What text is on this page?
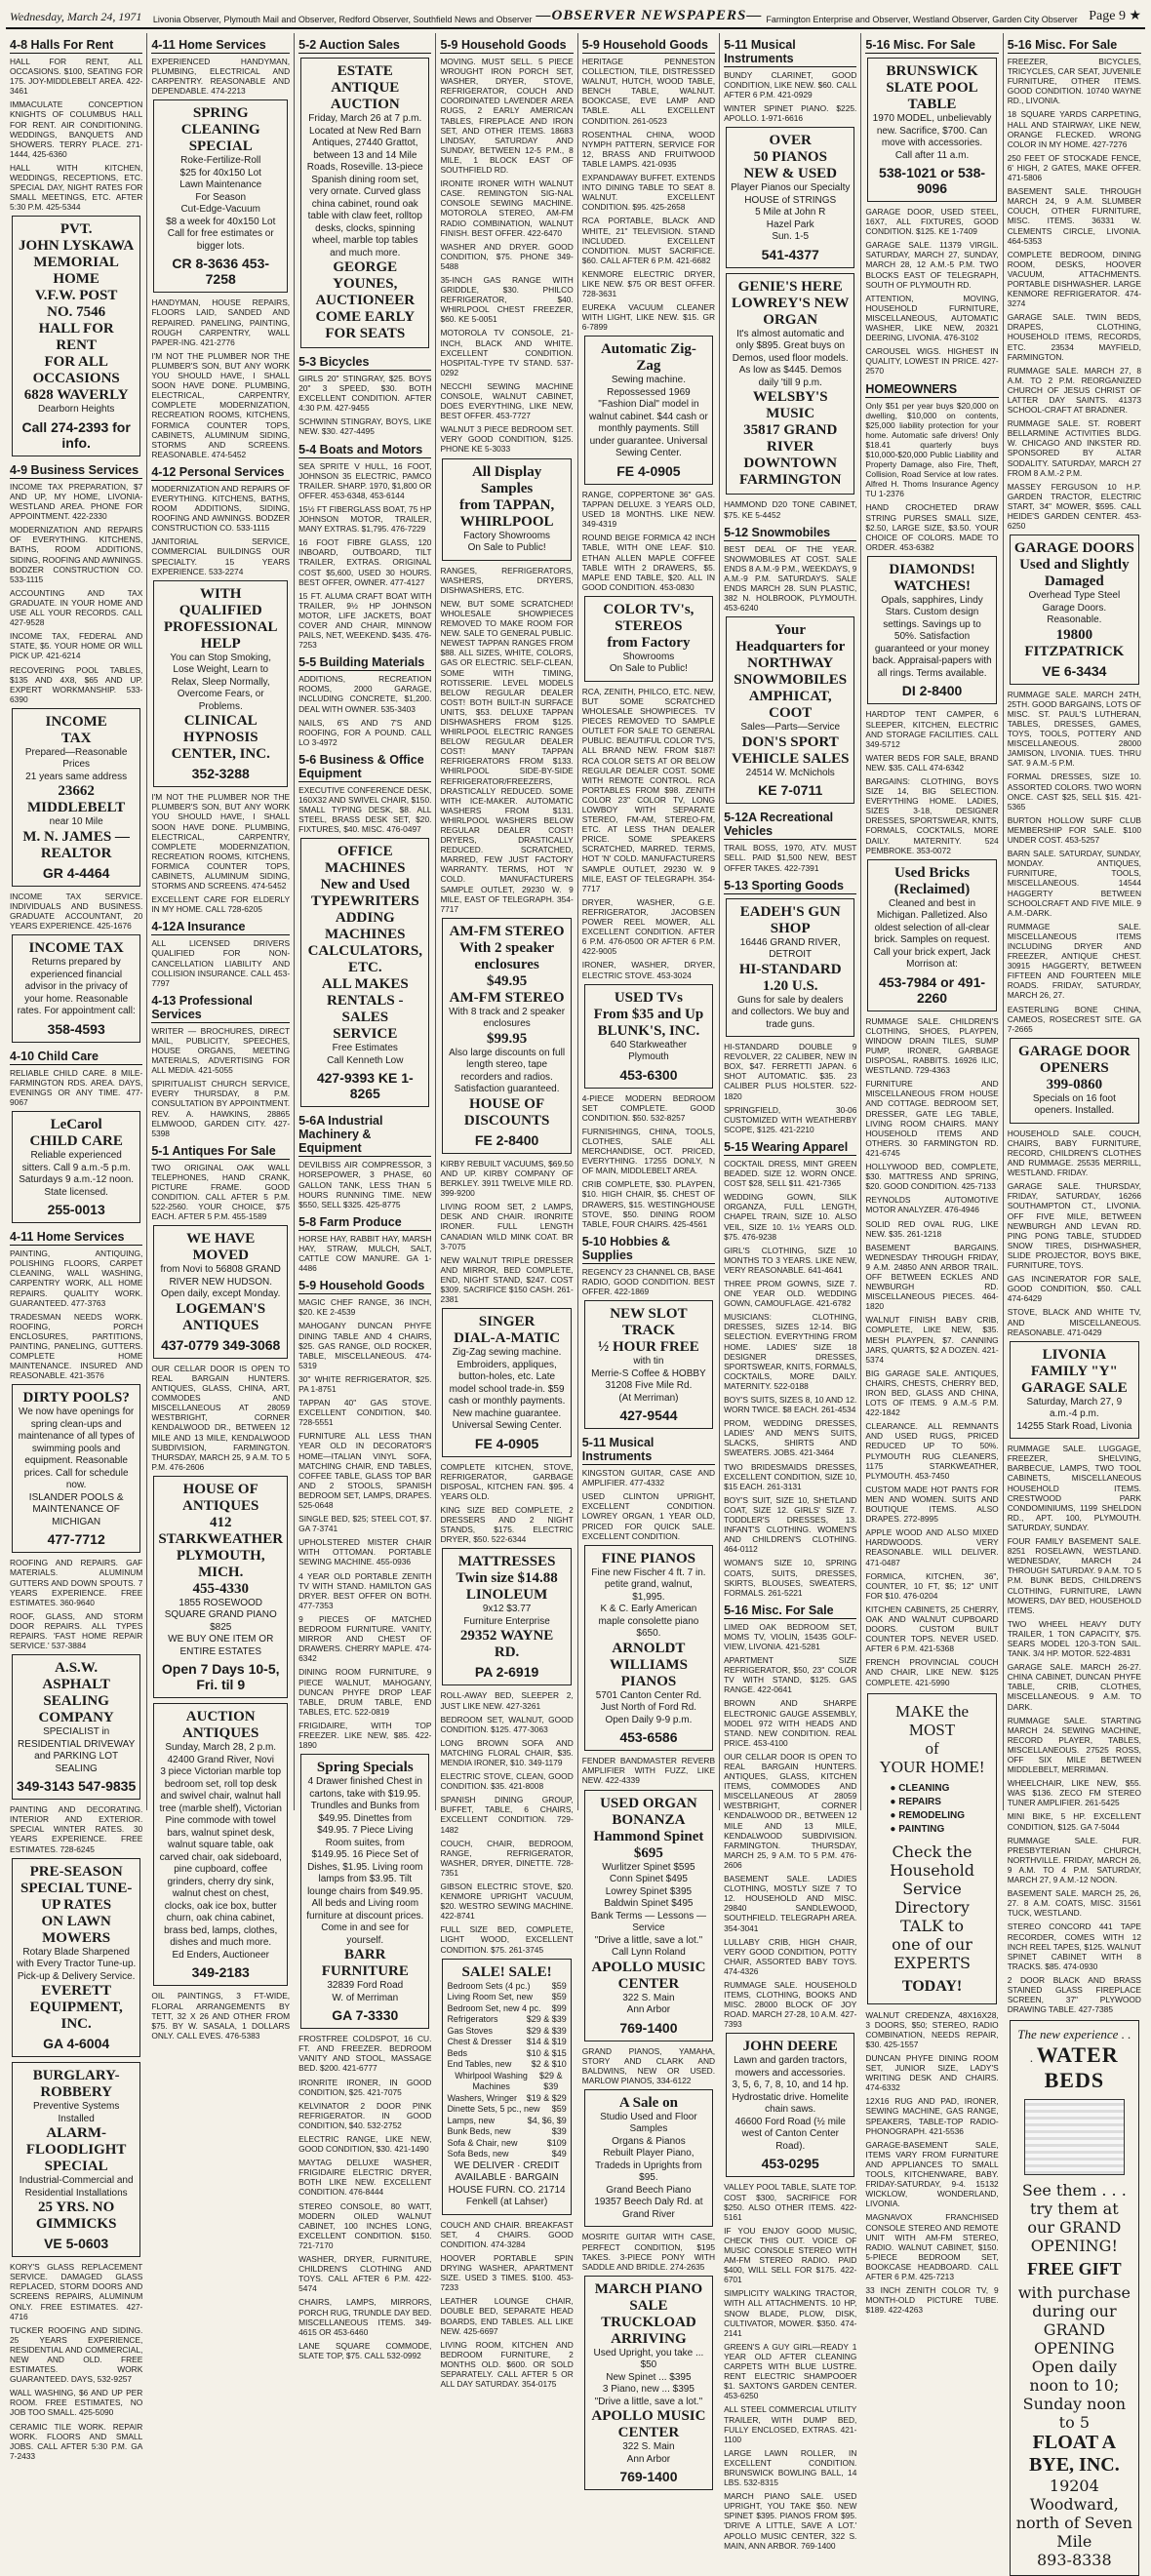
Wednesday, March 24, 1971 Livonia Observer, Plymouth Mail and Observer, Redford Observer, Southfield News and Observer —OBSERVER NEWSPAPERS— Farmington Enterprise and Observer, Westland Observer, Garden City Observer Page 9 ★
4-8 Halls For Rent
HALL FOR RENT, ALL OCCASIONS. $100, SEATING FOR 175. JOY-MIDDLEBELT AREA. 422-3461
IMMACULATE CONCEPTION KNIGHTS OF COLUMBUS HALL FOR RENT. AIR CONDITIONING. WEDDINGS, BANQUETS AND SHOWERS. TERRY PLACE. 271-1444, 425-6360
HALL WITH KITCHEN, WEDDINGS, RECEPTIONS, ETC. SPECIAL DAY, NIGHT RATES FOR SMALL MEETINGS, ETC. AFTER 5:30 P.M. 425-5344
PVT.
JOHN LYSKAWA
MEMORIAL HOME
V.F.W. POST
NO. 7546
HALL FOR RENT
FOR ALL
OCCASIONS
6828 WAVERLY
Dearborn Heights
Call 274-2393 for info.
4-9 Business Services
INCOME TAX PREPARATION, $7 AND UP, MY HOME, LIVONIA-WESTLAND AREA. PHONE FOR APPOINTMENT. 422-2330
MODERNIZATION AND REPAIRS OF EVERYTHING. KITCHENS, BATHS, ROOM ADDITIONS, SIDING, ROOFING AND AWNINGS. BODZER CONSTRUCTION CO. 533-1115
ACCOUNTING AND TAX GRADUATE. IN YOUR HOME AND USE ALL YOUR RECORDS. CALL 427-9528
INCOME TAX, FEDERAL AND STATE, $5. YOUR HOME OR WILL PICK UP. 421-6214
RECOVERING POOL TABLES, $135 AND 4X8, $65 AND UP. EXPERT WORKMANSHIP. 533-6390
INCOME
TAX
Prepared—Reasonable Prices
21 years same address
23662 MIDDLEBELT
near 10 Mile
M. N. JAMES — REALTOR
GR 4-4464
INCOME TAX SERVICE. INDIVIDUALS AND BUSINESS. GRADUATE ACCOUNTANT, 20 YEARS EXPERIENCE. 425-1676
INCOME TAX
Returns prepared by experienced financial advisor in the privacy of your home. Reasonable rates. For appointment call:
358-4593
4-10 Child Care
RELIABLE CHILD CARE. 8 MILE-FARMINGTON RDS. AREA. DAYS, EVENINGS OR ANY TIME. 477-9067
LeCarol
CHILD CARE
Reliable experienced sitters. Call 9 a.m.-5 p.m. Saturdays 9 a.m.-12 noon. State licensed.
255-0013
4-11 Home Services
PAINTING, ANTIQUING, POLISHING FLOORS, CARPET CLEANING, WALL WASHING, CARPENTRY WORK, ALL HOME REPAIRS. QUALITY WORK. GUARANTEED. 477-3763
TRADESMAN NEEDS WORK. ROOFING, PORCH ENCLOSURES, PARTITIONS, PAINTING, PANELING, GUTTERS. COMPLETE HOME MAINTENANCE. INSURED AND REASONABLE. 421-3576
DIRTY POOLS?
We now have openings for spring clean-ups and maintenance of all types of swimming pools and equipment. Reasonable prices. Call for schedule now.
ISLANDER POOLS & MAINTENANCE OF MICHIGAN
477-7712
ROOFING AND REPAIRS. GAF MATERIALS. ALUMINUM GUTTERS AND DOWN SPOUTS. 7 YEARS EXPERIENCE. FREE ESTIMATES. 360-9640
ROOF, GLASS, AND STORM DOOR REPAIRS. ALL TYPES REPAIRS. 'FAST HOME REPAIR SERVICE.' 537-3884
A.S.W.
ASPHALT
SEALING
COMPANY
SPECIALIST in RESIDENTIAL DRIVEWAY and PARKING LOT SEALING
349-3143 547-9835
PAINTING AND DECORATING. INTERIOR AND EXTERIOR. SPECIAL WINTER RATES. 30 YEARS EXPERIENCE. FREE ESTIMATES. 728-6245
PRE-SEASON
SPECIAL TUNE-UP RATES
ON LAWN MOWERS
Rotary Blade Sharpened with Every Tractor Tune-up. Pick-up & Delivery Service.
EVERETT EQUIPMENT, INC.
GA 4-6004
BURGLARY-
ROBBERY
Preventive Systems Installed
ALARM-FLOODLIGHT
SPECIAL
Industrial-Commercial and Residential Installations
25 YRS. NO GIMMICKS
VE 5-0603
KORY'S GLASS REPLACEMENT SERVICE. DAMAGED GLASS REPLACED, STORM DOORS AND SCREENS REPAIRS, ALUMINUM ONLY. FREE ESTIMATES. 427-4716
TUCKER ROOFING AND SIDING. 25 YEARS EXPERIENCE, RESIDENTIAL AND COMMERCIAL, NEW AND OLD. FREE ESTIMATES. WORK GUARANTEED. DAYS, 532-9257
WALL WASHING, $6 AND UP PER ROOM. FREE ESTIMATES, NO JOB TOO SMALL. 425-5090
CERAMIC TILE WORK. REPAIR WORK. FLOORS AND SMALL JOBS. CALL AFTER 5:30 P.M. GA 7-2433
4-11 Home Services
EXPERIENCED HANDYMAN, PLUMBING, ELECTRICAL AND CARPENTRY. REASONABLE AND DEPENDABLE. 474-2213
SPRING CLEANING
SPECIAL
Roke-Fertilize-Roll
$25 for 40x150 Lot
Lawn Maintenance
For Season
Cut-Edge-Vacuum
$8 a week for 40x150 Lot
Call for free estimates or bigger lots.
CR 8-3636 453-7258
HANDYMAN, HOUSE REPAIRS, FLOORS LAID, SANDED AND REPAIRED. PANELING, PAINTING, ROUGH CARPENTRY, WALL PAPER-ING. 421-2776
I'M NOT THE PLUMBER NOR THE PLUMBER'S SON, BUT ANY WORK YOU SHOULD HAVE, I SHALL SOON HAVE DONE. PLUMBING, ELECTRICAL, CARPENTRY, COMPLETE MODERNIZATION, RECREATION ROOMS, KITCHENS, FORMICA COUNTER TOPS, CABINETS, ALUMINUM SIDING, STORMS AND SCREENS. REASONABLE. 474-5452
4-12 Personal Services
MODERNIZATION AND REPAIRS OF EVERYTHING. KITCHENS, BATHS, ROOM ADDITIONS, SIDING, ROOFING AND AWNINGS. BODZER CONSTRUCTION CO. 533-1115
JANITORIAL SERVICE, COMMERCIAL BUILDINGS OUR SPECIALTY. 15 YEARS EXPERIENCE. 533-2274
WITH QUALIFIED
PROFESSIONAL HELP
You can Stop Smoking, Lose Weight, Learn to Relax, Sleep Normally, Overcome Fears, or Problems.
CLINICAL
HYPNOSIS CENTER, INC.
352-3288
I'M NOT THE PLUMBER NOR THE PLUMBER'S SON, BUT ANY WORK YOU SHOULD HAVE, I SHALL SOON HAVE DONE. PLUMBING, ELECTRICAL, CARPENTRY, COMPLETE MODERNIZATION, RECREATION ROOMS, KITCHENS, FORMICA COUNTER TOPS, CABINETS, ALUMINUM SIDING, STORMS AND SCREENS. 474-5452
EXCELLENT CARE FOR ELDERLY IN MY HOME. CALL 728-6205
4-12A Insurance
ALL LICENSED DRIVERS QUALIFIED FOR NON-CANCELLATION LIABILITY AND COLLISION INSURANCE. CALL 453-7797
4-13 Professional Services
WRITER — BROCHURES, DIRECT MAIL, PUBLICITY, SPEECHES, HOUSE ORGANS, MEETING MATERIALS, ADVERTISING FOR ALL MEDIA. 421-5055
SPIRITUALIST CHURCH SERVICE, EVERY THURSDAY, 8 P.M. CONSULTATION BY APPOINTMENT. REV. A. HAWKINS, 28865 ELMWOOD, GARDEN CITY. 427-5398
5-1 Antiques For Sale
TWO ORIGINAL OAK WALL TELEPHONES, HAND CRANK, PICTURE FRAME. GOOD CONDITION. CALL AFTER 5 P.M. 522-2560. YOUR CHOICE, $75 EACH. AFTER 5 P.M. 455-1589
WE HAVE MOVED
from Novi to 56808 GRAND RIVER NEW HUDSON. Open daily, except Monday.
LOGEMAN'S
ANTIQUES
437-0779 349-3068
OUR CELLAR DOOR IS OPEN TO REAL BARGAIN HUNTERS. ANTIQUES, GLASS, CHINA, ART, COMMODES AND MISCELLANEOUS AT 28059 WESTBRIGHT, CORNER KENDALWOOD DR., BETWEEN 12 MILE AND 13 MILE, KENDALWOOD SUBDIVISION, FARMINGTON. THURSDAY, MARCH 25, 9 A.M. TO 5 P.M. 476-2606
HOUSE OF ANTIQUES
412 STARKWEATHER
PLYMOUTH, MICH.
455-4330
1855 ROSEWOOD SQUARE GRAND PIANO $825
WE BUY ONE ITEM OR ENTIRE ESTATES
Open 7 Days 10-5, Fri. til 9
AUCTION
ANTIQUES
Sunday, March 28, 2 p.m.
42400 Grand River, Novi
3 piece Victorian marble top bedroom set, roll top desk and swivel chair, walnut hall tree (marble shelf), Victorian Pine commode with towel bars, walnut spinet desk, walnut square table, oak carved chair, oak sideboard, pine cupboard, coffee grinders, cherry dry sink, walnut chest on chest, clocks, oak ice box, butter churn, oak china cabinet, brass bed, lamps, clothes, dishes and much more.
Ed Enders, Auctioneer
349-2183
OIL PAINTINGS, 3 FT-WIDE, FLORAL ARRANGEMENTS BY TETT, 32 X 26 AND OTHER FROM $75. BY W. SASALA, 1 DOLLARS ONLY. CALL EVES. 476-5383
5-2 Auction Sales
ESTATE
ANTIQUE
AUCTION
Friday, March 26 at 7 p.m. Located at New Red Barn Antiques, 27440 Grattot, between 13 and 14 Mile Roads, Roseville. 13-piece Spanish dining room set, very ornate. Curved glass china cabinet, round oak table with claw feet, rolltop desks, clocks, spinning wheel, marble top tables and much more.
GEORGE YOUNES, AUCTIONEER
COME EARLY FOR SEATS
5-3 Bicycles
GIRLS 20" STINGRAY, $25. BOYS 20" 3 SPEED, $30. BOTH EXCELLENT CONDITION. AFTER 4:30 P.M. 427-9455
SCHWINN STINGRAY, BOYS, LIKE NEW. $30. 427-4495
5-4 Boats and Motors
SEA SPRITE V HULL, 16 FOOT, JOHNSON 35 ELECTRIC, PAMCO TRAILER. SHARP. 1970, $1,800 OR OFFER. 453-6348, 453-6144
15½ FT FIBERGLASS BOAT, 75 HP JOHNSON MOTOR, TRAILER, MANY EXTRAS. $1,795. 476-7229
16 FOOT FIBRE GLASS, 120 INBOARD, OUTBOARD, TILT TRAILER, EXTRAS. ORIGINAL COST $5,600, USED 30 HOURS. BEST OFFER, OWNER. 477-4127
15 FT. ALUMA CRAFT BOAT WITH TRAILER, 9½ HP JOHNSON MOTOR, LIFE JACKETS, BOAT COVER AND CHAIR, MINNOW PAILS, NET, WEEKEND. $435. 476-7253
5-5 Building Materials
ADDITIONS, RECREATION ROOMS, 2000 GARAGE, INCLUDING CONCRETE, $1,200. DEAL WITH OWNER. 535-3403
NAILS, 6'S AND 7'S AND ROOFING, FOR A POUND. CALL LO 3-4972
5-6 Business & Office Equipment
EXECUTIVE CONFERENCE DESK, 160X32 AND SWIVEL CHAIR, $150. SMALL TYPING DESK, $8. ALL STEEL, BRASS DESK SET, $20. FIXTURES, $40. MISC. 476-0497
OFFICE MACHINES
New and Used
TYPEWRITERS
ADDING MACHINES
CALCULATORS, ETC.
ALL MAKES
RENTALS - SALES
SERVICE
Free Estimates
Call Kenneth Low
427-9393 KE 1-8265
5-6A Industrial Machinery & Equipment
DEVILBISS AIR COMPRESSOR, 3 HORSEPOWER, 3 PHASE, 60 GALLON TANK, LESS THAN 5 HOURS RUNNING TIME. NEW $550, SELL $325. 425-8775
5-8 Farm Produce
HORSE HAY, RABBIT HAY, MARSH HAY, STRAW, MULCH, SALT, CATTLE COW MANURE. GA 1-4486
5-9 Household Goods
MAGIC CHEF RANGE, 36 INCH, $20. KE 2-4539
MAHOGANY DUNCAN PHYFE DINING TABLE AND 4 CHAIRS, $25. GAS RANGE, OLD ROCKER, TABLE, MISCELLANEOUS. 474-5319
30" WHITE REFRIGERATOR, $25. PA 1-8751
TAPPAN 40" GAS STOVE. EXCELLENT CONDITION, $40. 728-5551
FURNITURE ALL LESS THAN YEAR OLD IN DECORATOR'S HOME—ITALIAN VINYL SOFA, MATCHING CHAIR, END TABLES, COFFEE TABLE, GLASS TOP BAR AND 2 STOOLS, SPANISH BEDROOM SET, LAMPS, DRAPES. 525-0648
SINGLE BED, $25; STEEL COT, $7. GA 7-3741
UPHOLSTERED MISTER CHAIR WITH OTTOMAN. PORTABLE SEWING MACHINE. 455-0936
4 YEAR OLD PORTABLE ZENITH TV WITH STAND. HAMILTON GAS DRYER. BEST OFFER ON BOTH. 477-7353
9 PIECES OF MATCHED BEDROOM FURNITURE. VANITY, MIRROR AND CHEST OF DRAWERS. CHERRY MAPLE. 474-6342
DINING ROOM FURNITURE, 9 PIECE WALNUT, MAHOGANY, DUNCAN PHYFE DROP LEAF TABLE, DRUM TABLE, END TABLES, ETC. 522-0819
FRIGIDAIRE, WITH TOP FREEZER. LIKE NEW, $85. 422-1890
Spring Specials
4 Drawer finished Chest in cartons, take with $19.95. Trundles and Bunks from $49.95. Dinettes from $49.95. 7 Piece Living Room suites, from $149.95. 16 Piece Set of Dishes, $1.95. Living room lamps from $3.95. Tilt lounge chairs from $49.95. All beds and Living room furniture at discount prices. Come in and see for yourself.
BARR FURNITURE
32839 Ford Road
W. of Merriman
GA 7-3330
FROSTFREE COLDSPOT, 16 CU. FT. AND FREEZER. BEDROOM VANITY AND STOOL, MASSAGE BED. $200. 421-6777
IRONRITE IRONER, IN GOOD CONDITION, $25. 421-7075
KELVINATOR 2 DOOR PINK REFRIGERATOR. IN GOOD CONDITION, $40. 532-2752
ELECTRIC RANGE, LIKE NEW, GOOD CONDITION, $30. 421-1490
MAYTAG DELUXE WASHER, FRIGIDAIRE ELECTRIC DRYER, BOTH LIKE NEW. EXCELLENT CONDITION. 476-8444
STEREO CONSOLE, 80 WATT, MODERN OILED WALNUT CABINET, 100 INCHES LONG, EXCELLENT CONDITION. $150. 721-7170
WASHER, DRYER, FURNITURE, CHILDREN'S CLOTHING AND TOYS. CALL AFTER 6 P.M. 422-5474
CHAIRS, LAMPS, MIRRORS, PORCH RUG, TRUNDLE DAY BED. MISCELLANEOUS ITEMS. 349-4615 OR 453-6460
LANE SQUARE COMMODE, SLATE TOP, $75. CALL 532-0992
5-9 Household Goods
MOVING. MUST SELL. 5 PIECE WROUGHT IRON PORCH SET, WASHER, DRYER, STOVE, REFRIGERATOR, COUCH AND COORDINATED LAVENDER AREA RUGS, 2 EARLY AMERICAN TABLES, FIREPLACE AND IRON SET, AND OTHER ITEMS. 18683 LINDSAY, SATURDAY AND SUNDAY, BETWEEN 12-5 P.M., 8 MILE, 1 BLOCK EAST OF SOUTHFIELD RD.
IRONITE IRONER WITH WALNUT CASE. REMINGTON SIG-NAL CONSOLE SEWING MACHINE. MOTOROLA STEREO, AM-FM RADIO COMBINATION, WALNUT FINISH. BEST OFFER. 422-6470
WASHER AND DRYER. GOOD CONDITION, $75. PHONE 349-5488
35-INCH GAS RANGE WITH GRIDDLE, $30. PHILCO REFRIGERATOR, $40. WHIRLPOOL CHEST FREEZER, $60. KE 5-0051
MOTOROLA TV CONSOLE, 21-INCH, BLACK AND WHITE. EXCELLENT CONDITION. HOSPITAL-TYPE TV STAND. 537-0292
NECCHI SEWING MACHINE CONSOLE, WALNUT CABINET, DOES EVERYTHING, LIKE NEW, BEST OFFER. 453-7727
WALNUT 3 PIECE BEDROOM SET. VERY GOOD CONDITION, $125. PHONE KE 5-3033
All Display Samples
from TAPPAN,
WHIRLPOOL
Factory Showrooms
On Sale to Public!
RANGES, REFRIGERATORS, WASHERS, DRYERS, DISHWASHERS, ETC.
NEW, BUT SOME SCRATCHED! WHOLESALE SHOWPIECES REMOVED TO MAKE ROOM FOR NEW. SALE TO GENERAL PUBLIC. NEWEST TAPPAN RANGES FROM $88. ALL SIZES, WHITE, COLORS, GAS OR ELECTRIC. SELF-CLEAN, SOME WITH TIMING, ROTISSERIE. LEVEL MODELS BELOW REGULAR DEALER COST! BOTH BUILT-IN SURFACE UNITS, $53. DELUXE TAPPAN DISHWASHERS FROM $125. WHIRLPOOL ELECTRIC RANGES BELOW REGULAR DEALER COST! MANY TAPPAN REFRIGERATORS FROM $133. WHIRLPOOL SIDE-BY-SIDE REFRIGERATOR/FREEZERS, DRASTICALLY REDUCED. SOME WITH ICE-MAKER. AUTOMATIC WASHERS FROM $131. WHIRLPOOL WASHERS BELOW REGULAR DEALER COST! DRYERS, DRASTICALLY REDUCED. SCRATCHED, MARRED, FEW JUST FACTORY WARRANTY. TERMS, HOT 'N' COLD. MANUFACTURERS SAMPLE OUTLET, 29230 W. 9 MILE, EAST OF TELEGRAPH. 354-7717
AM-FM STEREO
With 2 speaker enclosures
$49.95
AM-FM STEREO
With 8 track and 2 speaker enclosures
$99.95
Also large discounts on full length stereo, tape recorders and radios. Satisfaction guaranteed.
HOUSE OF
DISCOUNTS
FE 2-8400
KIRBY REBUILT VACUUMS, $69.50 AND UP. KIRBY COMPANY OF BERKLEY. 3911 TWELVE MILE RD. 399-9200
LIVING ROOM SET, 2 LAMPS, DESK AND CHAIR. IRONRITE IRONER. FULL LENGTH CANADIAN WILD MINK COAT. BR 3-7075
NEW WALNUT TRIPLE DRESSER AND MIRROR, BED COMPLETE, END, NIGHT STAND, $247. COST $309. SACRIFICE $150 CASH. 261-2381
SINGER
DIAL-A-MATIC
Zig-Zag sewing machine. Embroiders, appliques, button-holes, etc. Late model school trade-in. $59 cash or monthly payments. New machine guarantee. Universal Sewing Center.
FE 4-0905
COMPLETE KITCHEN, STOVE, REFRIGERATOR, GARBAGE DISPOSAL, KITCHEN FAN. $95. 4 YEARS OLD.
KING SIZE BED COMPLETE, 2 DRESSERS AND 2 NIGHT STANDS, $175. ELECTRIC DRYER, $50. 522-6344
MATTRESSES
Twin size $14.88
LINOLEUM
9x12 $3.77
Furniture Enterprise
29352 WAYNE RD.
PA 2-6919
ROLL-AWAY BED, SLEEPER 2, JUST LIKE NEW. 427-3261
BEDROOM SET, WALNUT, GOOD CONDITION. $125. 477-3063
LONG BROWN SOFA AND MATCHING FLORAL CHAIR, $35. MENDIA IRONER, $10. 349-1179
ELECTRIC STOVE, CLEAN, GOOD CONDITION. $35. 421-8008
SPANISH DINING GROUP, BUFFET, TABLE, 6 CHAIRS, EXCELLENT CONDITION. 729-1482
COUCH, CHAIR, BEDROOM, RANGE, REFRIGERATOR, WASHER, DRYER, DINETTE. 728-7351
GIBSON ELECTRIC STOVE, $20. KENMORE UPRIGHT VACUUM, $20. WESTRO SEWING MACHINE. 422-8741
FULL SIZE BED, COMPLETE, LIGHT WOOD, EXCELLENT CONDITION. $75. 261-3745
SALE! SALE!
Bedroom Sets (4 pc.) $59
Living Room Set, new $59
Bedroom Set, new 4 pc. $99
Refrigerators	$29 & $39
Gas Stoves	$29 & $39
Chest & Dresser $14 & $19
Beds	$10 & $15
End Tables, new $2 & $10
Whirlpool Washing Machines
$29 & $39
Washers, Wringer $19 & $29
Dinette Sets, 5 pc., new $59
Lamps, new	$4, $6, $9
Bunk Beds, new	$39
Sofa & Chair, new	$109
Sofa Beds, new	$49
WE DELIVER · CREDIT AVAILABLE · BARGAIN HOUSE FURN. CO. 21714 Fenkell (at Lahser)
COUCH AND CHAIR. BREAKFAST SET, 4 CHAIRS. GOOD CONDITION. 474-3284
HOOVER PORTABLE SPIN DRYING WASHER, APARTMENT SIZE. USED 3 TIMES. $100. 453-7233
LEATHER LOUNGE CHAIR, DOUBLE BED, SEPARATE HEAD BOARDS, END TABLES. ALL LIKE NEW. 425-6697
LIVING ROOM, KITCHEN AND BEDROOM FURNITURE, 2 MONTHS OLD. $600. OR SOLD SEPARATELY. CALL AFTER 5 OR ALL DAY SATURDAY. 354-0175
5-9 Household Goods
HERITAGE PENNESTON COLLECTION, TILE, DISTRESSED WALNUT, HUTCH, WOOD TABLE, BENCH TABLE, WALNUT. BOOKCASE, EVE LAMP AND TABLE. ALL EXCELLENT CONDITION. 261-0523
ROSENTHAL CHINA, WOOD NYMPH PATTERN, SERVICE FOR 12, BRASS AND FRUITWOOD TABLE LAMPS. 421-0935
EXPANDAWAY BUFFET. EXTENDS INTO DINING TABLE TO SEAT 8. WALNUT. EXCELLENT CONDITION. $95. 425-2658
RCA PORTABLE, BLACK AND WHITE, 21" TELEVISION. STAND INCLUDED. EXCELLENT CONDITION. MUST SACRIFICE. $60. CALL AFTER 6 P.M. 421-6682
KENMORE ELECTRIC DRYER, LIKE NEW. $75 OR BEST OFFER. 728-3631
EUREKA VACUUM CLEANER WITH LIGHT, LIKE NEW. $15. GR 6-7899
Automatic Zig-Zag
Sewing machine. Repossessed 1969 "Fashion Dial" model in walnut cabinet. $44 cash or monthly payments. Still under guarantee. Universal Sewing Center.
FE 4-0905
RANGE, COPPERTONE 36" GAS. TAPPAN DELUXE. 3 YEARS OLD, USED 18 MONTHS. LIKE NEW. 349-4319
ROUND BEIGE FORMICA 42 INCH TABLE, WITH ONE LEAF. $10. ETHAN ALLEN MAPLE COFFEE TABLE WITH 2 DRAWERS, $5. MAPLE END TABLE, $20. ALL IN GOOD CONDITION. 453-0830
COLOR TV's, STEREOS
from Factory
Showrooms
On Sale to Public!
RCA, ZENITH, PHILCO, ETC. NEW, BUT SOME SCRATCHED WHOLESALE SHOWPIECES. TV PIECES REMOVED TO SAMPLE OUTLET FOR SALE TO GENERAL PUBLIC. BEAUTIFUL COLOR TV'S, ALL BRAND NEW. FROM $187! RCA COLOR SETS AT OR BELOW REGULAR DEALER COST. SOME WITH REMOTE CONTROL. RCA PORTABLES FROM $98. ZENITH COLOR 23" COLOR TV, LONG LOWBOY WITH SEPARATE STEREO, FM-AM, STEREO-FM, ETC. AT LESS THAN DEALER PRICE. SOME SPEAKERS SCRATCHED, MARRED. TERMS, HOT 'N' COLD. MANUFACTURERS SAMPLE OUTLET, 29230 W. 9 MILE, EAST OF TELEGRAPH. 354-7717
DRYER, WASHER, G.E. REFRIGERATOR, JACOBSEN POWER REEL MOWER, ALL EXCELLENT CONDITION. AFTER 6 P.M. 476-0500 OR AFTER 6 P.M. 422-9005
IRONER, WASHER, DRYER, ELECTRIC STOVE. 453-3024
USED TVs
From $35 and Up
BLUNK'S, INC.
640 Starkweather
Plymouth
453-6300
4-PIECE MODERN BEDROOM SET COMPLETE. GOOD CONDITION. $50. 532-8257
FURNISHINGS, CHINA, TOOLS, CLOTHES, SALE ALL MERCHANDISE, OCT. PRICED, EVERYTHING. 17255 DONLY, N OF MAIN, MIDDLEBELT AREA.
CRIB COMPLETE, $30. PLAYPEN, $10. HIGH CHAIR, $5. CHEST OF DRAWERS, $15. WESTINGHOUSE STOVE, $50. DINING ROOM TABLE, FOUR CHAIRS. 425-4561
5-10 Hobbies & Supplies
REGENCY 23 CHANNEL CB, BASE RADIO, GOOD CONDITION. BEST OFFER. 422-1869
NEW SLOT TRACK
½ HOUR FREE
with tin
Merrie-S Coffee & HOBBY
31208 Five Mile Rd.
(At Merriman)
427-9544
5-11 Musical Instruments
KINGSTON GUITAR, CASE AND AMPLIFIER. 477-4332
USED CLINTON UPRIGHT, EXCELLENT CONDITION. LOWREY ORGAN, 1 YEAR OLD, PRICED FOR QUICK SALE. EXCELLENT CONDITION.
FINE PIANOS
Fine new Fischer 4 ft. 7 in. petite grand, walnut, $1,995.
K & C. Early American maple consolette piano $650.
ARNOLDT
WILLIAMS PIANOS
5701 Canton Center Rd.
Just North of Ford Rd.
Open Daily 9-9 p.m.
453-6586
FENDER BANDMASTER REVERB AMPLIFIER WITH FUZZ, LIKE NEW. 422-4339
USED ORGAN BONANZA
Hammond Spinet $695
Wurlitzer Spinet $595
Conn Spinet $495
Lowrey Spinet $395
Baldwin Spinet $495
Bank Terms — Lessons — Service
"Drive a little, save a lot."
Call Lynn Roland
APOLLO MUSIC CENTER
322 S. Main
Ann Arbor
769-1400
GRAND PIANOS, YAMAHA, STORY AND CLARK AND BALDWINS, NEW OR USED. MARLOW PIANOS, 334-6122
A Sale on
Studio Used and Floor Samples
Organs & Pianos
Rebuilt Player Piano, Tradeds in Uprights from $95.
Grand Beech Piano
19357 Beech Daly Rd. at Grand River
MOSRITE GUITAR WITH CASE, PERFECT CONDITION, $195 TAKES. 3-PIECE PONY WITH SADDLE AND BRIDLE. 274-2635
MARCH PIANO SALE
TRUCKLOAD ARRIVING
Used Upright, you take ... $50
New Spinet ... $395
3 Piano, new ... $395
"Drive a little, save a lot."
APOLLO MUSIC CENTER
322 S. Main
Ann Arbor
769-1400
5-11 Musical Instruments
BUNDY CLARINET, GOOD CONDITION, LIKE NEW. $60. CALL AFTER 6 P.M. 421-0929
WINTER SPINET PIANO. $225. APOLLO. 1-971-6616
OVER
50 PIANOS
NEW & USED
Player Pianos our Specialty
HOUSE of STRINGS
5 Mile at John R
Hazel Park
Sun. 1-5
541-4377
GENIE'S HERE
LOWREY'S NEW ORGAN
It's almost automatic and only $895. Great buys on Demos, used floor models. As low as $445. Demos daily 'till 9 p.m.
WELSBY'S MUSIC
35817 GRAND RIVER
DOWNTOWN FARMINGTON
HAMMOND D20 TONE CABINET, $75. KE 5-4452
5-12 Snowmobiles
BEST DEAL OF THE YEAR. SNOWMOBILES AT COST. SALE ENDS 8 A.M.-9 P.M., WEEKDAYS, 9 A.M.-9 P.M. SATURDAYS. SALE ENDS MARCH 28. SUN PLASTIC, 382 N. HOLBROOK, PLYMOUTH. 453-6240
Your Headquarters for
NORTHWAY SNOWMOBILES
AMPHICAT, COOT
Sales—Parts—Service
DON'S SPORT
VEHICLE SALES
24514 W. McNichols
KE 7-0711
5-12A Recreational Vehicles
TRAIL BOSS, 1970, ATV. MUST SELL. PAID $1,500 NEW, BEST OFFER TAKES. 422-7391
5-13 Sporting Goods
EADEH'S GUN SHOP
16446 GRAND RIVER, DETROIT
HI-STANDARD
1.20 U.S.
Guns for sale by dealers and collectors. We buy and trade guns.
HI-STANDARD DOUBLE 9 REVOLVER, 22 CALIBER, NEW IN BOX, $47. FERRETTI JAPAN. 6 SHOT AUTOMATIC. $35. 23 CALIBER PLUS HOLSTER. 522-1820
SPRINGFIELD, 30-06 CUSTOMIZED WITH WEATHERBY SCOPE, $125. 421-2210
5-15 Wearing Apparel
COCKTAIL DRESS, MINT GREEN BEADED. SIZE 12. WORN ONCE. COST $28, SELL $11. 421-7365
WEDDING GOWN, SILK ORGANZA, FULL LENGTH, CHAPEL TRAIN, SIZE 10. ALSO VEIL, SIZE 10. 1½ YEARS OLD. $75. 476-9238
GIRL'S CLOTHING, SIZE 10 MONTHS TO 3 YEARS. LIKE NEW, VERY REASONABLE. 641-4641
THREE PROM GOWNS, SIZE 7. ONE YEAR OLD. WEDDING GOWN, CAMOUFLAGE. 421-6782
MUSICIANS: CLOTHING, DRESSES, SIZES 12-14. BIG SELECTION. EVERYTHING FROM HOME. LADIES' SIZE 18 DESIGNER DRESSES, SPORTSWEAR, KNITS, FORMALS, COCKTAILS, MORE DAILY. MATERNITY. 522-0188
BOY'S SUITS, SIZES 8, 10 AND 12. WORN TWICE. $8 EACH. 261-4534
PROM, WEDDING DRESSES, LADIES' AND MEN'S SUITS, SLACKS, SHIRTS AND SWEATERS. JOBS. 421-3464
TWO BRIDESMAIDS DRESSES, EXCELLENT CONDITION, SIZE 10, $15 EACH. 261-3131
BOY'S SUIT, SIZE 10, SHETLAND COAT, SIZE 12. GIRLS' SIZE 7. TODDLER'S DRESSES, 13. INFANT'S CLOTHING. WOMEN'S AND CHILDREN'S CLOTHING. 464-0112
WOMAN'S SIZE 10, SPRING COATS, SUITS, DRESSES, SKIRTS, BLOUSES, SWEATERS, FORMALS. 261-5221
5-16 Misc. For Sale
LIMED OAK BEDROOM SET, MOMS TV, VIOLIN, 15435 GOLF-VIEW, LIVONIA. 421-5281
APARTMENT SIZE REFRIGERATOR, $50, 23" COLOR TV WITH STAND, $125. GAS RANGE. 422-0641
BROWN AND SHARPE ELECTRONIC GAUGE ASSEMBLY, MODEL 972 WITH HEADS AND STAND. NEW CONDITION. REAL PRICE. 453-4100
OUR CELLAR DOOR IS OPEN TO REAL BARGAIN HUNTERS. ANTIQUES, GLASS, KITCHEN ITEMS, COMMODES AND MISCELLANEOUS AT 28059 WESTBRIGHT, CORNER KENDALWOOD DR., BETWEEN 12 MILE AND 13 MILE, KENDALWOOD SUBDIVISION. FARMINGTON. THURSDAY, MARCH 25, 9 A.M. TO 5 P.M. 476-2606
BASEMENT SALE. LADIES CLOTHING, MOSTLY SIZE 7 TO 12. HOUSEHOLD AND MISC. 29840 SANDLEWOOD, SOUTHFIELD. TELEGRAPH AREA. 354-3041
LULLABY CRIB, HIGH CHAIR, VERY GOOD CONDITION, POTTY CHAIR, ASSORTED BABY TOYS. 474-4326
RUMMAGE SALE. HOUSEHOLD ITEMS, CLOTHING, BOOKS AND MISC. 28000 BLOCK OF JOY ROAD. MARCH 27-28, 10 A.M. 427-7393
JOHN DEERE
Lawn and garden tractors, mowers and accessories. 3, 5, 6, 7, 8, 10, and 14 hp. Hydrostatic drive. Homelite chain saws.
46600 Ford Road (½ mile west of Canton Center Road).
453-0295
VALLEY POOL TABLE, SLATE TOP. COST $300, SACRIFICE FOR $250. ALSO OTHER ITEMS. 422-5161
IF YOU ENJOY GOOD MUSIC, CHECK THIS OUT. VOICE OF MUSIC CONSOLE STEREO WITH AM-FM STEREO RADIO. PAID $400, WILL SELL FOR $175. 422-6701
SIMPLICITY WALKING TRACTOR, WITH ALL ATTACHMENTS. 10 HP, SNOW BLADE, PLOW, DISK, CULTIVATOR, MOWER. $350. 474-2141
GREEN'S A GUY GIRL—READY 1 YEAR OLD AFTER CLEANING CARPETS WITH BLUE LUSTRE. RENT ELECTRIC SHAMPOOER $1. SAXTON'S GARDEN CENTER. 453-6250
ALL STEEL COMMERCIAL UTILITY TRAILER, WITH DUMP BED, FULLY ENCLOSED, EXTRAS. 421-1100
LARGE LAWN ROLLER, IN EXCELLENT CONDITION. BRUNSWICK BOWLING BALL, 14 LBS. 532-8315
MARCH PIANO SALE. USED UPRIGHT, YOU TAKE $50. NEW SPINET $395. PIANOS FROM $95. 'DRIVE A LITTLE, SAVE A LOT.' APOLLO MUSIC CENTER, 322 S. MAIN, ANN ARBOR. 769-1400
5-16 Misc. For Sale
BRUNSWICK
SLATE POOL TABLE
1970 MODEL, unbelievably new. Sacrifice, $700. Can move with accessories. Call after 11 a.m.
538-1021 or 538-9096
GARAGE DOOR, USED STEEL, 16X7, ALL FIXTURES, GOOD CONDITION. $125. KE 1-7409
GARAGE SALE. 11379 VIRGIL. SATURDAY, MARCH 27, SUNDAY, MARCH 28, 12 A.M.-5 P.M. TWO BLOCKS EAST OF TELEGRAPH, SOUTH OF PLYMOUTH RD.
ATTENTION, MOVING, HOUSEHOLD FURNITURE, MISCELLANEOUS, AUTOMATIC WASHER, LIKE NEW, 20321 DEERING, LIVONIA. 476-3102
CAROUSEL WIGS. HIGHEST IN QUALITY, LOWEST IN PRICE. 427-2570
HOMEOWNERS
Only $51 per year buys $20,000 on dwelling, $10,000 on contents, $25,000 liability protection for your home. Automatic safe drivers! Only $18.41 quarterly buys $10,000-$20,000 Public Liability and Property Damage, also Fire, Theft, Collision, Road Service at low rates. Alfred H. Thoms Insurance Agency TU 1-2376
HAND CROCHETED DRAW STRING PURSES SMALL SIZE, $2.50, LARGE SIZE, $3.50. YOUR CHOICE OF COLORS. MADE TO ORDER. 453-6382
DIAMONDS! WATCHES!
Opals, sapphires, Lindy Stars. Custom design settings. Savings up to 50%. Satisfaction guaranteed or your money back. Appraisal-papers with all rings. Terms available.
DI 2-8400
HARDTOP TENT CAMPER, 6 SLEEPER, KITCHEN, ELECTRIC AND STORAGE FACILITIES. CALL 349-5712
WATER BEDS FOR SALE, BRAND NEW. $35. CALL 474-6342
BARGAINS: CLOTHING, BOYS SIZE 14, BIG SELECTION. EVERYTHING HOME. LADIES, SIZES 3-18, DESIGNER DRESSES, SPORTSWEAR, KNITS, FORMALS, COCKTAILS, MORE DAILY. MATERNITY. 524 PEMBROKE. 353-0072
Used Bricks
(Reclaimed)
Cleaned and best in Michigan. Palletized. Also oldest selection of all-clear brick. Samples on request. Call your brick expert, Jack Morrison at:
453-7984 or 491-2260
RUMMAGE SALE. CHILDREN'S CLOTHING, SHOES, PLAYPEN, WINDOW DRAIN TILES, SUMP PUMP, IRONER, GARBAGE DISPOSAL, RABBITS. 16926 ILIC, WESTLAND. 729-4363
FURNITURE AND MISCELLANEOUS FROM HOUSE AND COTTAGE. BEDROOM SET, DRESSER, GATE LEG TABLE, LIVING ROOM CHAIRS. MANY HOUSEHOLD ITEMS AND OTHERS. 30 FARMINGTON RD. 421-6745
HOLLYWOOD BED, COMPLETE, $30. MATTRESS AND SPRING, $20. GOOD CONDITION. 425-7133
REYNOLDS AUTOMOTIVE MOTOR ANALYZER. 476-4946
SOLID RED OVAL RUG, LIKE NEW. $35. 261-1218
BASEMENT BARGAINS. WEDNESDAY THROUGH FRIDAY, 9 A.M. 24850 ANN ARBOR TRAIL. OFF BETWEEN ECKLES AND NEWBURGH RD. MISCELLANEOUS PIECES. 464-1820
WALNUT FINISH BABY CRIB, COMPLETE, LIKE NEW, $35. MESH PLAYPEN, $7. CANNING JARS, QUARTS, $2 A DOZEN. 421-5374
BIG GARAGE SALE. ANTIQUES, CHAIRS, CHESTS, CHERRY BED, IRON BED, GLASS AND CHINA, LOTS OF ITEMS. 9 A.M.-5 P.M. 422-1842
CLEARANCE. ALL REMNANTS AND USED RUGS, PRICED REDUCED UP TO 50%. PLYMOUTH RUG CLEANERS, 1175 STARKWEATHER, PLYMOUTH. 453-7450
CUSTOM MADE HOT PANTS FOR MEN AND WOMEN. SUITS AND BOUTIQUE ITEMS. ALSO DRAPES. 272-8995
APPLE WOOD AND ALSO MIXED HARDWOODS. VERY REASONABLE. WILL DELIVER. 471-0487
FORMICA, KITCHEN, 36", COUNTER, 10 FT, $5; 12" UNIT FOR $10. 476-0204
KITCHEN CABINETS, 25 CHERRY, OAK AND WALNUT CUPBOARD DOORS. CUSTOM BUILT COUNTER TOPS. NEVER USED. AFTER 6 P.M. 421-5368
FRENCH PROVINCIAL COUCH AND CHAIR, LIKE NEW. $125 COMPLETE. 421-5990
MAKE the MOST
of
YOUR HOME!
● CLEANING
● REPAIRS
● REMODELING
● PAINTING
Check the
Household
Service Directory
TALK to
one of our
EXPERTS
TODAY!
WALNUT CREDENZA, 48X16X28, 3 DOORS, $50; STEREO, RADIO COMBINATION, NEEDS REPAIR, $30. 425-1557
DUNCAN PHYFE DINING ROOM SET, JUNIOR SIZE, LADY'S WRITING DESK AND CHAIRS. 474-6332
12X16 RUG AND PAD, IRONER, SEWING MACHINE, GAS RANGE, SPEAKERS, TABLE-TOP RADIO-PHONOGRAPH. 421-5536
GARAGE-BASEMENT SALE, ITEMS VARY FROM FURNITURE AND APPLIANCES TO SMALL TOOLS, KITCHENWARE, BABY. FRIDAY-SATURDAY, 9-4. 15132 WICKLOW, WONDERLAND, LIVONIA.
MAGNAVOX FRANCHISED CONSOLE STEREO AND REMOTE UNIT WITH AM-FM STEREO, RADIO. WALNUT CABINET, $150. 5-PIECE BEDROOM SET, BOOKCASE HEADBOARD. CALL AFTER 6 P.M. 425-7213
33 INCH ZENITH COLOR TV, 9 MONTH-OLD PICTURE TUBE. $189. 422-4263
5-16 Misc. For Sale
FREEZER, BICYCLES, TRICYCLES, CAR SEAT, JUVENILE FURNITURE, OTHER ITEMS. GOOD CONDITION. 10740 WAYNE RD., LIVONIA.
18 SQUARE YARDS CARPETING, HALL AND STAIRWAY, LIKE NEW, ORANGE FLECKED. WRONG COLOR IN MY HOME. 427-7276
250 FEET OF STOCKADE FENCE, 6' HIGH, 2 GATES, MAKE OFFER. 471-5806
BASEMENT SALE. THROUGH MARCH 24, 9 A.M. SLUMBER COUCH, OTHER FURNITURE, MISC. ITEMS. 36331 W. CLEMENTS CIRCLE, LIVONIA. 464-5353
COMPLETE BEDROOM, DINING ROOM, DESKS, HOOVER VACUUM, ATTACHMENTS. PORTABLE DISHWASHER. LARGE KENMORE REFRIGERATOR. 474-3274
GARAGE SALE. TWIN BEDS, DRAPES, CLOTHING, HOUSEHOLD ITEMS, RECORDS, ETC. 23534 MAYFIELD, FARMINGTON.
RUMMAGE SALE. MARCH 27, 8 A.M. TO 2 P.M. REORGANIZED CHURCH OF JESUS CHRIST OF LATTER DAY SAINTS. 41373 SCHOOL-CRAFT AT BRADNER.
RUMMAGE SALE. ST. ROBERT BELLARMINE ACTIVITIES BLDG. W. CHICAGO AND INKSTER RD. SPONSORED BY ALTAR SODALITY. SATURDAY, MARCH 27 FROM 8 A.M.-2 P.M.
MASSEY FERGUSON 10 H.P. GARDEN TRACTOR, ELECTRIC START, 34" MOWER, $595. CALL HEIDE'S GARDEN CENTER. 453-6250
GARAGE DOORS
Used and Slightly Damaged
Overhead Type Steel Garage Doors. Reasonable.
19800 FITZPATRICK
VE 6-3434
RUMMAGE SALE. MARCH 24TH, 25TH. GOOD BARGAINS, LOTS OF MISC. ST. PAUL'S LUTHERAN, TABLES, DRESSES, GAMES, TOYS, TOOLS, POTTERY AND MISCELLANEOUS. 28000 JAMISON, LIVONIA. TUES. THRU SAT. 9 A.M.-5 P.M.
FORMAL DRESSES, SIZE 10. ASSORTED COLORS. TWO WORN ONCE. CAST $25, SELL $15. 421-5365
BURTON HOLLOW SURF CLUB MEMBERSHIP FOR SALE. $100 UNDER COST. 453-5257
BARN SALE. SATURDAY, SUNDAY, MONDAY. ANTIQUES, FURNITURE, TOOLS, MISCELLANEOUS. 14544 HAGGERTY BETWEEN SCHOOLCRAFT AND FIVE MILE. 9 A.M.-DARK.
RUMMAGE SALE. MISCELLANEOUS ITEMS INCLUDING DRYER AND FREEZER, ANTIQUE CHEST. 30915 HAGGERTY, BETWEEN FIFTEEN AND FOURTEEN MILE ROADS. FRIDAY, SATURDAY, MARCH 26, 27.
EASTERLING BONE CHINA, CAMEOS, ROSECREST SITE. GA 7-2665
GARAGE DOOR OPENERS
399-0860
Specials on 16 foot openers. Installed.
HOUSEHOLD SALE. COUCH, CHAIRS, BABY FURNITURE, RECORD, CHILDREN'S CLOTHES AND RUMMAGE. 25535 MERRILL, WESTLAND. FRIDAY.
GARAGE SALE. THURSDAY, FRIDAY, SATURDAY, 16266 SOUTHAMPTON CT., LIVONIA. OFF FIVE MILE, BETWEEN NEWBURGH AND LEVAN RD. PING PONG TABLE, STUDDED SNOW TIRES, DISHWASHER, SLIDE PROJECTOR, BOYS BIKE, FURNITURE, TOYS.
GAS INCINERATOR FOR SALE, GOOD CONDITION, $50. CALL 474-6429
STOVE, BLACK AND WHITE TV, AND MISCELLANEOUS. REASONABLE. 471-0429
LIVONIA FAMILY "Y"
GARAGE SALE
Saturday, March 27, 9 a.m.-4 p.m.
14255 Stark Road, Livonia
RUMMAGE SALE. LUGGAGE, FREEZER, SHELVING, BARBECUE, LAMPS, TWO TOOL CABINETS, MISCELLANEOUS HOUSEHOLD ITEMS. CRESTWOOD PARK CONDOMINIUMS, 1199 SHELDON RD., APT. 100, PLYMOUTH. SATURDAY, SUNDAY.
FOUR FAMILY BASEMENT SALE. 8251 ROSELAWN, WESTLAND. WEDNESDAY, MARCH 24 THROUGH SATURDAY. 9 A.M. TO 5 P.M. BUNK BEDS, CHILDREN'S CLOTHING, FURNITURE, LAWN MOWERS, DAY BED, HOUSEHOLD ITEMS.
TWO WHEEL HEAVY DUTY TRAILER, 1 TON CAPACITY, $75. SEARS MODEL 120-3-TON SAIL. TANK. 3/4 HP. MOTOR. 522-4831
GARAGE SALE. MARCH 26-27. CHINA CABINET, DUNCAN PHYFE TABLE, CRIB, CLOTHES, MISCELLANEOUS. 9 A.M. TO DARK.
RUMMAGE SALE. STARTING MARCH 24. SEWING MACHINE, RECORD PLAYER, TABLES, MISCELLANEOUS. 27525 ROSS, OFF SIX MILE BETWEEN MIDDLEBELT, MERRIMAN.
WHEELCHAIR, LIKE NEW, $55. WAS $136. ZECO FM STEREO TUNER AMPLIFIER. 261-5425
MINI BIKE, 5 HP. EXCELLENT CONDITION, $125. GA 7-5044
RUMMAGE SALE. FUR. PRESBYTERIAN CHURCH, NORTHVILLE. FRIDAY, MARCH 26, 9 A.M. TO 4 P.M. SATURDAY, MARCH 27, 9 A.M.-12 NOON.
BASEMENT SALE. MARCH 25, 26, 27. 8 A.M. COATS, MISC. 31561 TUCK, WESTLAND.
STEREO CONCORD 441 TAPE RECORDER, COMES WITH 12 INCH REEL TAPES, $125. WALNUT SPINET CABINET WITH 8 TRACKS. $85. 474-0930
2 DOOR BLACK AND BRASS STAINED GLASS FIREPLACE SCREEN, 37" PLYWOOD DRAWING TABLE. 427-7385
The new experience . . . WATER BEDS
See them . . . try them at our GRAND OPENING!
FREE GIFT
with purchase during our GRAND OPENING
Open daily noon to 10; Sunday noon to 5
FLOAT A BYE, INC.
19204 Woodward, north of Seven Mile
893-8338
